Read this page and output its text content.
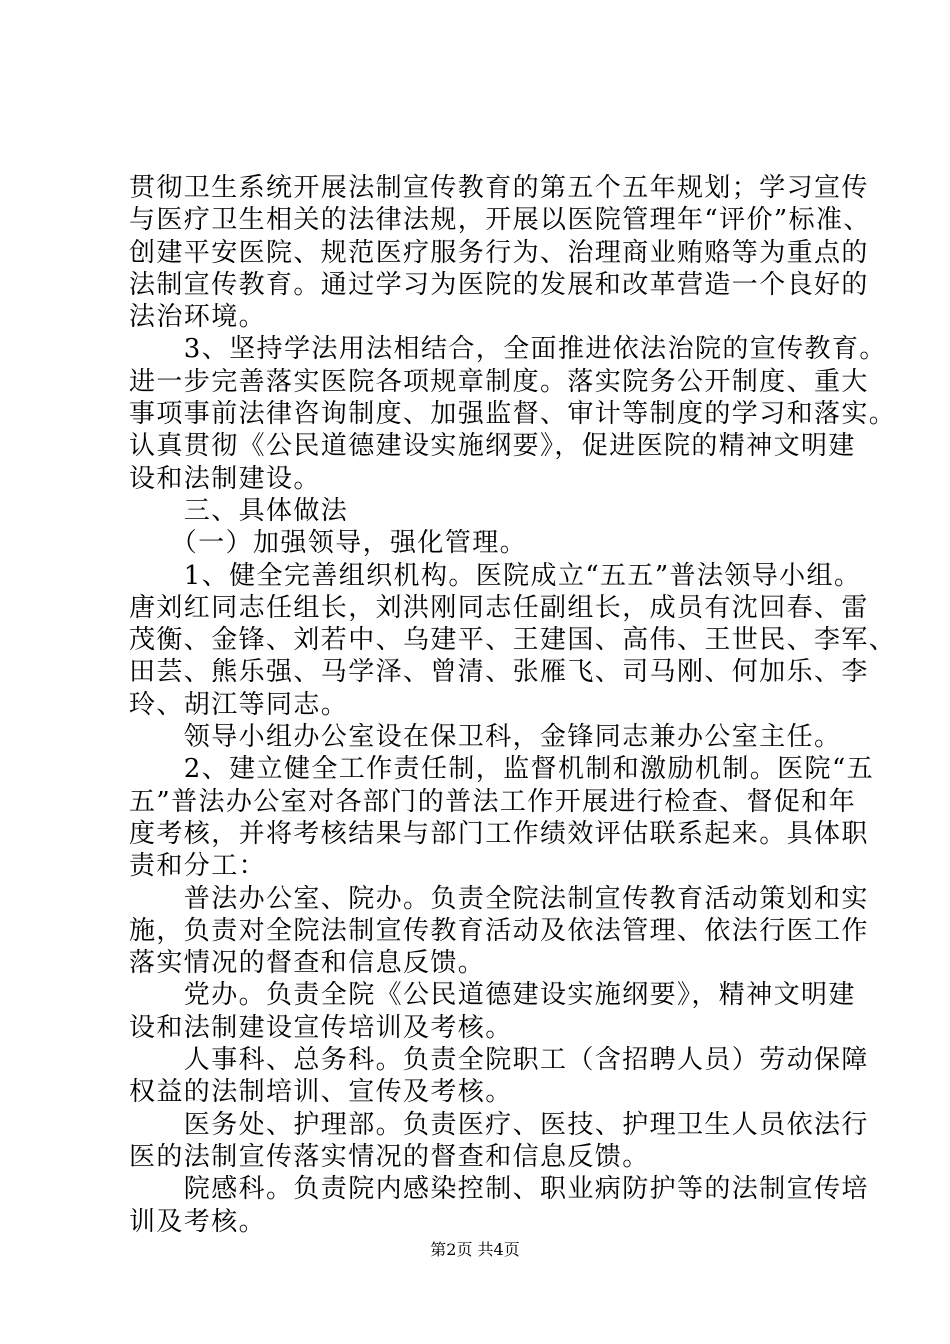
贯彻卫生系统开展法制宣传教育的第五个五年规划；学习宣传
与医疗卫生相关的法律法规，开展以医院管理年“评价”标准、
创建平安医院、规范医疗服务行为、治理商业贿赂等为重点的
法制宣传教育。通过学习为医院的发展和改革营造一个良好的
法治环境。
　　3、坚持学法用法相结合，全面推进依法治院的宣传教育。
进一步完善落实医院各项规章制度。落实院务公开制度、重大
事项事前法律咨询制度、加强监督、审计等制度的学习和落实。
认真贯彻《公民道德建设实施纲要》，促进医院的精神文明建
设和法制建设。
　　三、具体做法
　　（一）加强领导，强化管理。
　　1、健全完善组织机构。医院成立“五五”普法领导小组。
唐刘红同志任组长，刘洪刚同志任副组长，成员有沈回春、雷
茂衡、金锋、刘若中、乌建平、王建国、高伟、王世民、李军、
田芸、熊乐强、马学泽、曾清、张雁飞、司马刚、何加乐、李
玲、胡江等同志。
　　领导小组办公室设在保卫科，金锋同志兼办公室主任。
　　2、建立健全工作责任制，监督机制和激励机制。医院“五
五”普法办公室对各部门的普法工作开展进行检查、督促和年
度考核，并将考核结果与部门工作绩效评估联系起来。具体职
责和分工：
　　普法办公室、院办。负责全院法制宣传教育活动策划和实
施，负责对全院法制宣传教育活动及依法管理、依法行医工作
落实情况的督查和信息反馈。
　　党办。负责全院《公民道德建设实施纲要》，精神文明建
设和法制建设宣传培训及考核。
　　人事科、总务科。负责全院职工（含招聘人员）劳动保障
权益的法制培训、宣传及考核。
　　医务处、护理部。负责医疗、医技、护理卫生人员依法行
医的法制宣传落实情况的督查和信息反馈。
　　院感科。负责院内感染控制、职业病防护等的法制宣传培
训及考核。
第2页 共4页
